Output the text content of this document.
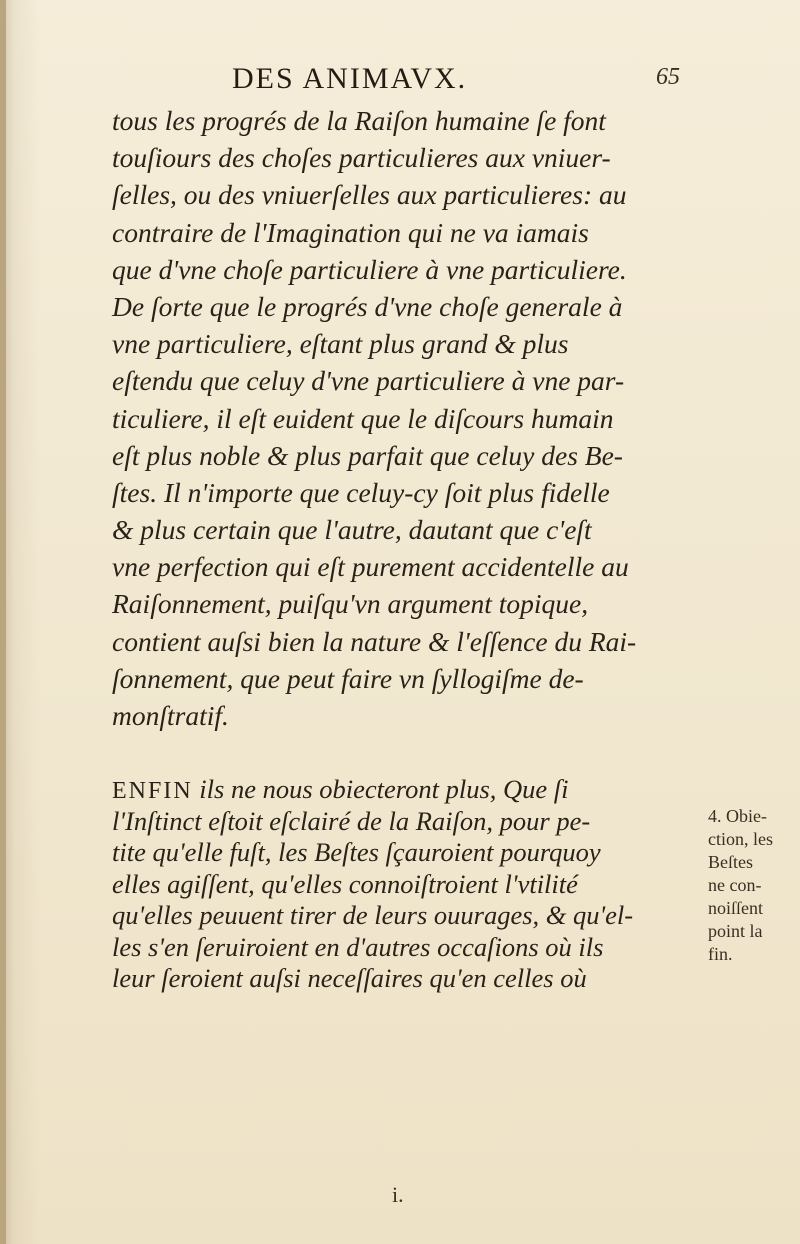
DES ANIMAVX.	65
tous les progrés de la Raiſon humaine ſe font
touſiours des choſes particulieres aux vniuer-
ſelles, ou des vniuerſelles aux particulieres: au
contraire de l'Imagination qui ne va iamais
que d'vne choſe particuliere à vne particuliere.
De ſorte que le progrés d'vne choſe generale à
vne particuliere, eſtant plus grand & plus
eſtendu que celuy d'vne particuliere à vne par-
ticuliere, il eſt euident que le diſcours humain
eſt plus noble & plus parfait que celuy des Be-
ſtes. Il n'importe que celuy-cy ſoit plus fidelle
& plus certain que l'autre, dautant que c'eſt
vne perfection qui eſt purement accidentelle au
Raiſonnement, puiſqu'vn argument topique,
contient auſsi bien la nature & l'eſſence du Rai-
ſonnement, que peut faire vn ſyllogiſme de-
monſtratif.
ENFIN ils ne nous obiecteront plus, Que ſi
l'Inſtinct eſtoit eſclairé de la Raiſon, pour pe-
tite qu'elle fuſt, les Beſtes ſçauroient pourquoy
elles agiſſent, qu'elles connoiſtroient l'vtilité
qu'elles peuuent tirer de leurs ouurages, & qu'el-
les s'en ſeruiroient en d'autres occaſions où ils
leur ſeroient auſsi neceſſaires qu'en celles où
4. Obie-
ction, les
Beſtes
ne con-
noiſſent
point la
fin.
i.
